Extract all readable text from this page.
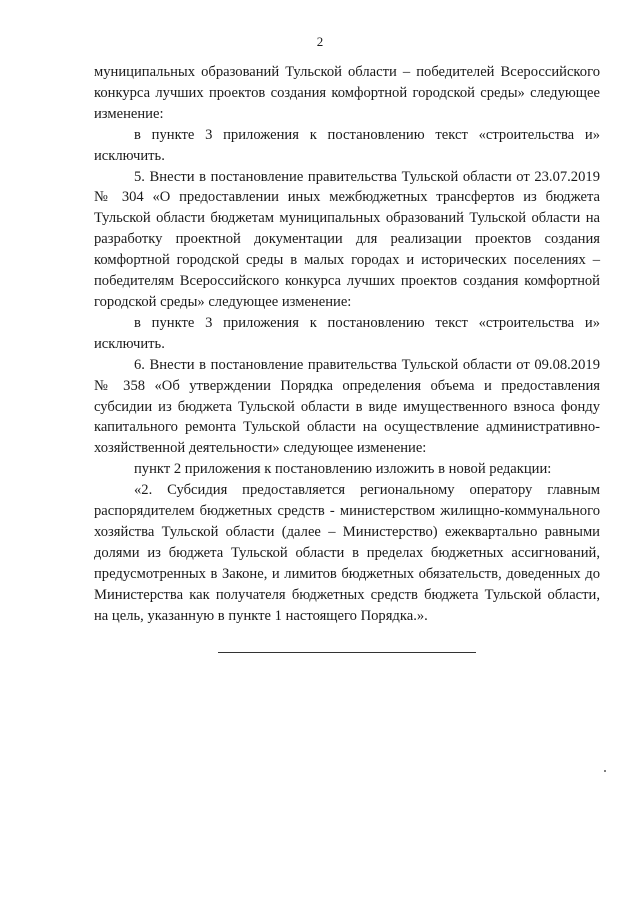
2

муниципальных образований Тульской области – победителей Всероссийского конкурса лучших проектов создания комфортной городской среды» следующее изменение:

в пункте 3 приложения к постановлению текст «строительства и» исключить.

5. Внести в постановление правительства Тульской области от 23.07.2019 № 304 «О предоставлении иных межбюджетных трансфертов из бюджета Тульской области бюджетам муниципальных образований Тульской области на разработку проектной документации для реализации проектов создания комфортной городской среды в малых городах и исторических поселениях – победителям Всероссийского конкурса лучших проектов создания комфортной городской среды» следующее изменение:

в пункте 3 приложения к постановлению текст «строительства и» исключить.

6. Внести в постановление правительства Тульской области от 09.08.2019 № 358 «Об утверждении Порядка определения объема и предоставления субсидии из бюджета Тульской области в виде имущественного взноса фонду капитального ремонта Тульской области на осуществление административно-хозяйственной деятельности» следующее изменение:

пункт 2 приложения к постановлению изложить в новой редакции:

«2. Субсидия предоставляется региональному оператору главным распорядителем бюджетных средств - министерством жилищно-коммунального хозяйства Тульской области (далее – Министерство) ежеквартально равными долями из бюджета Тульской области в пределах бюджетных ассигнований, предусмотренных в Законе, и лимитов бюджетных обязательств, доведенных до Министерства как получателя бюджетных средств бюджета Тульской области, на цель, указанную в пункте 1 настоящего Порядка.».
